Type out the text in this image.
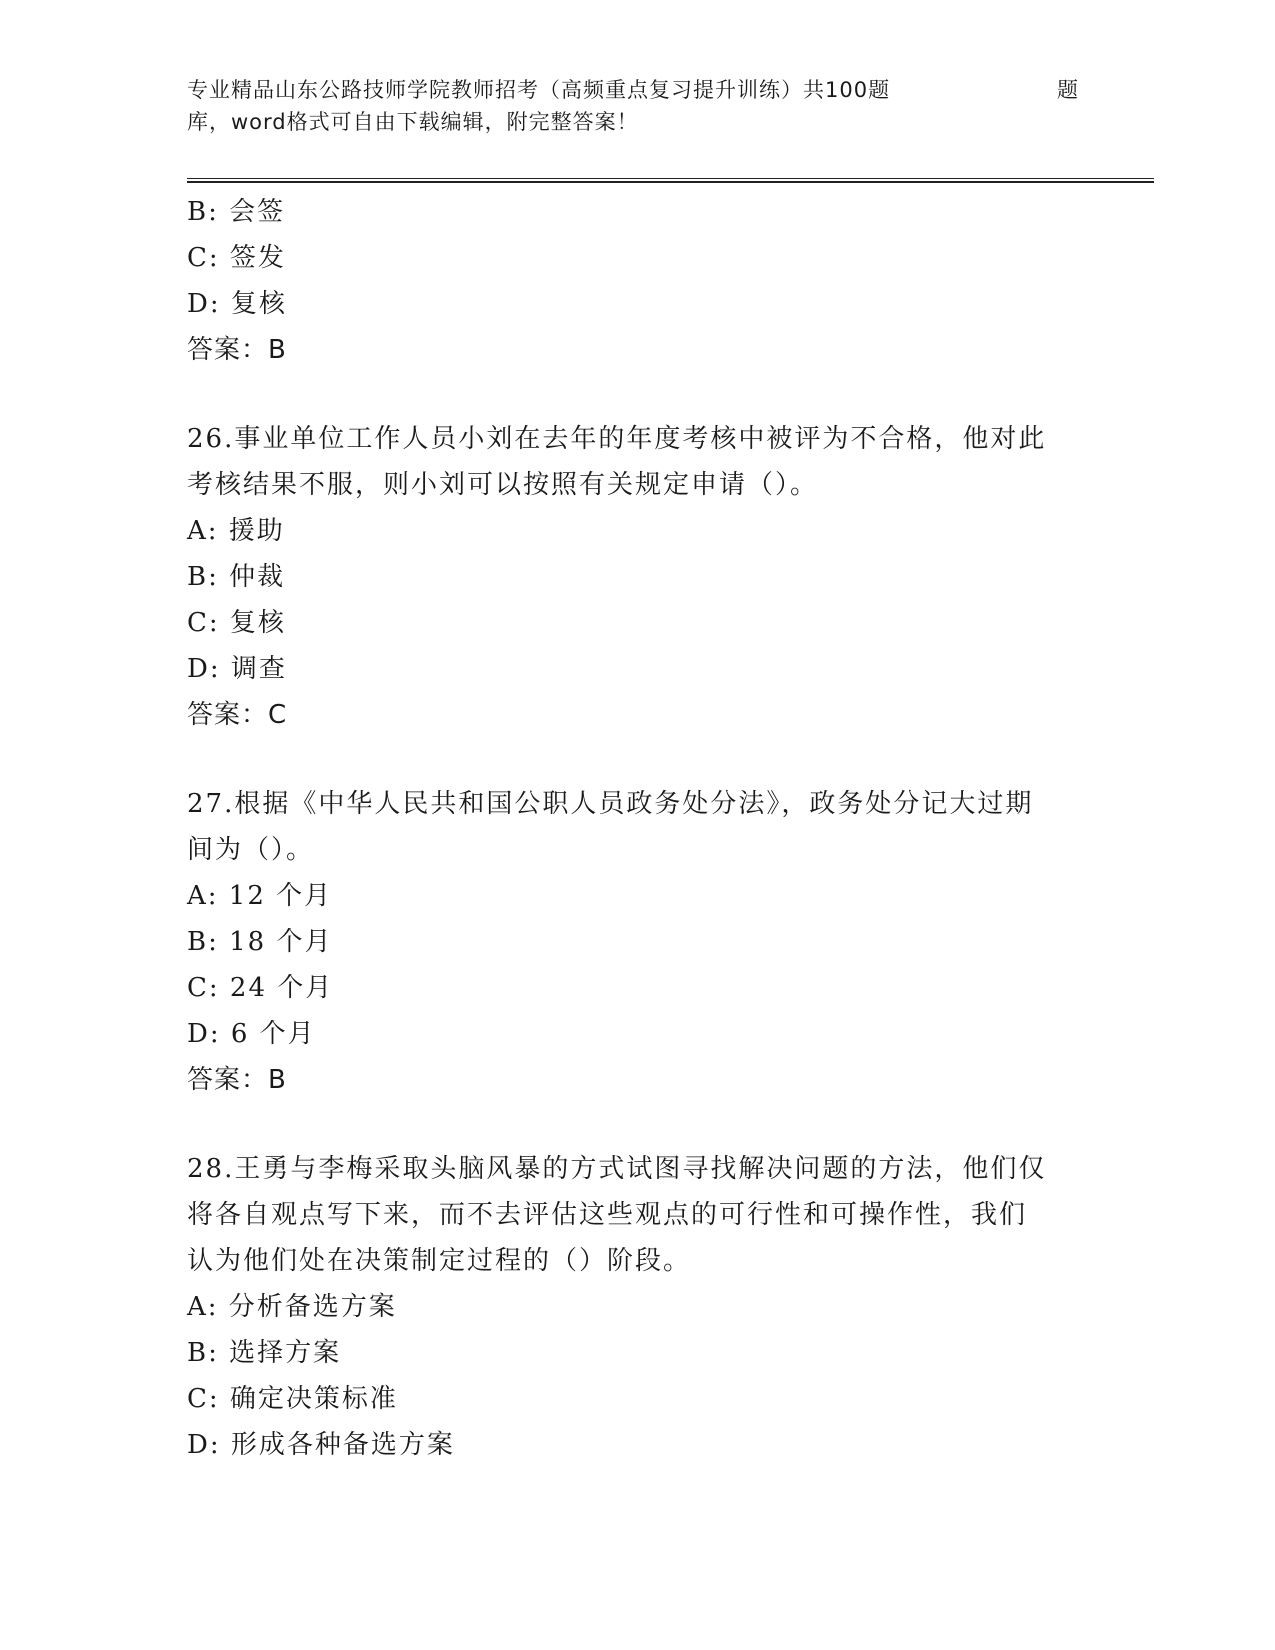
专业精品山东公路技师学院教师招考（高频重点复习提升训练）共100题	题
库，word格式可自由下载编辑，附完整答案！
B: 会签
C: 签发
D: 复核
答案：B
26.事业单位工作人员小刘在去年的年度考核中被评为不合格，他对此
考核结果不服，则小刘可以按照有关规定申请（）。
A: 援助
B: 仲裁
C: 复核
D: 调查
答案：C
27.根据《中华人民共和国公职人员政务处分法》，政务处分记大过期
间为（）。
A: 12 个月
B: 18 个月
C: 24 个月
D: 6 个月
答案：B
28.王勇与李梅采取头脑风暴的方式试图寻找解决问题的方法，他们仅
将各自观点写下来，而不去评估这些观点的可行性和可操作性，我们
认为他们处在决策制定过程的（）阶段。
A: 分析备选方案
B: 选择方案
C: 确定决策标准
D: 形成各种备选方案
